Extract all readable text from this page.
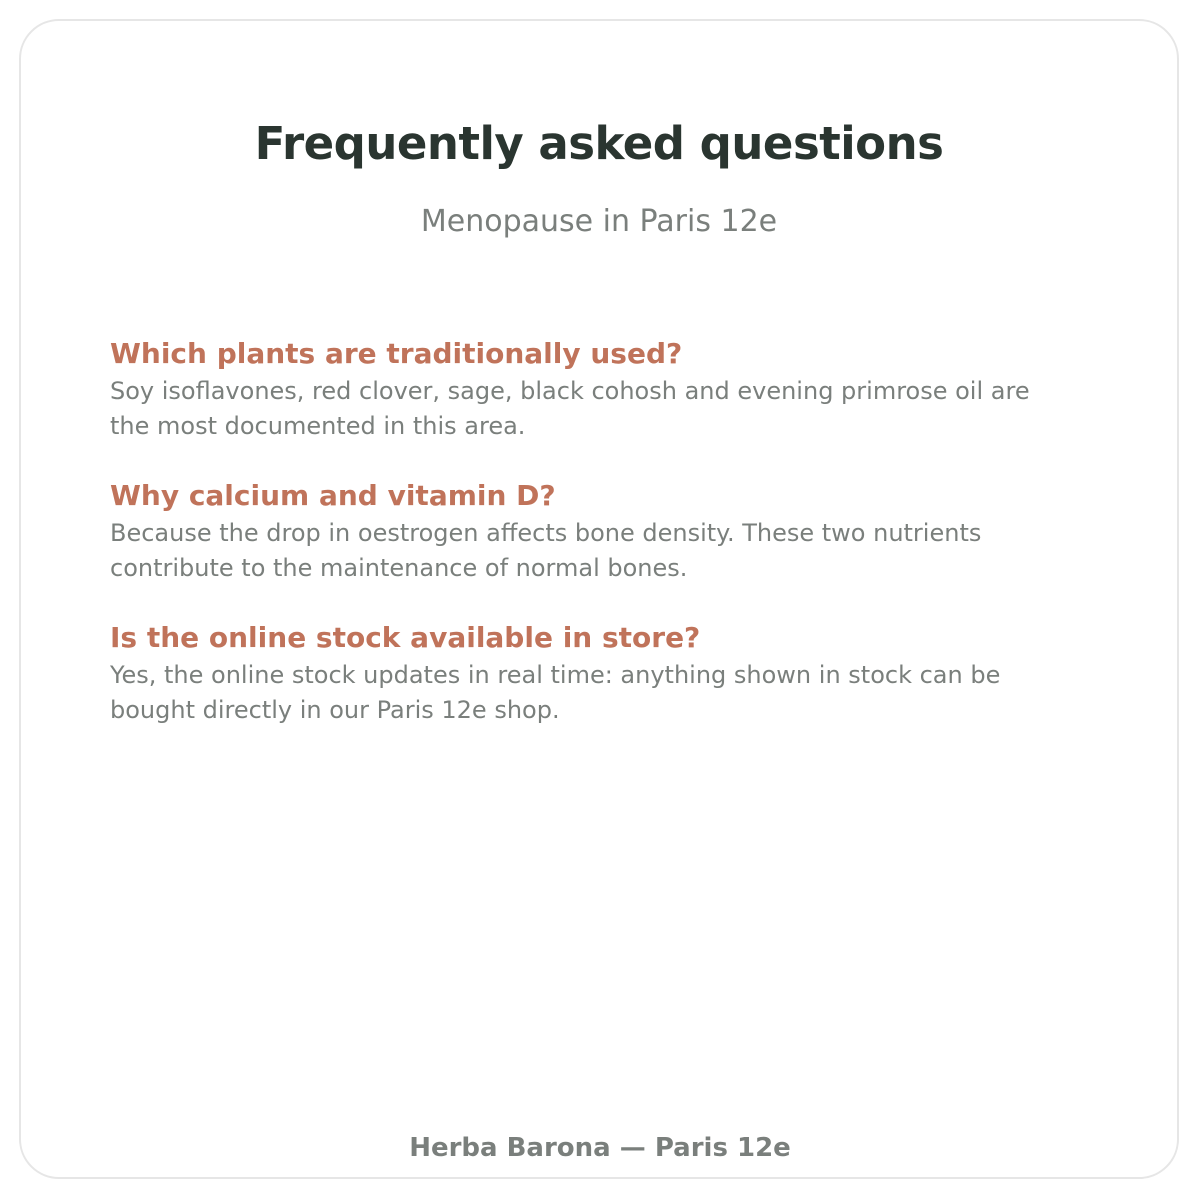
Frequently asked questions

Menopause in Paris 12e

Which plants are traditionally used?

Soy isoflavones, red clover, sage, black cohosh and evening primrose oil are the most documented in this area.

Why calcium and vitamin D?

Because the drop in oestrogen affects bone density. These two nutrients contribute to the maintenance of normal bones.

Is the online stock available in store?

Yes, the online stock updates in real time: anything shown in stock can be bought directly in our Paris 12e shop.

Herba Barona — Paris 12e
